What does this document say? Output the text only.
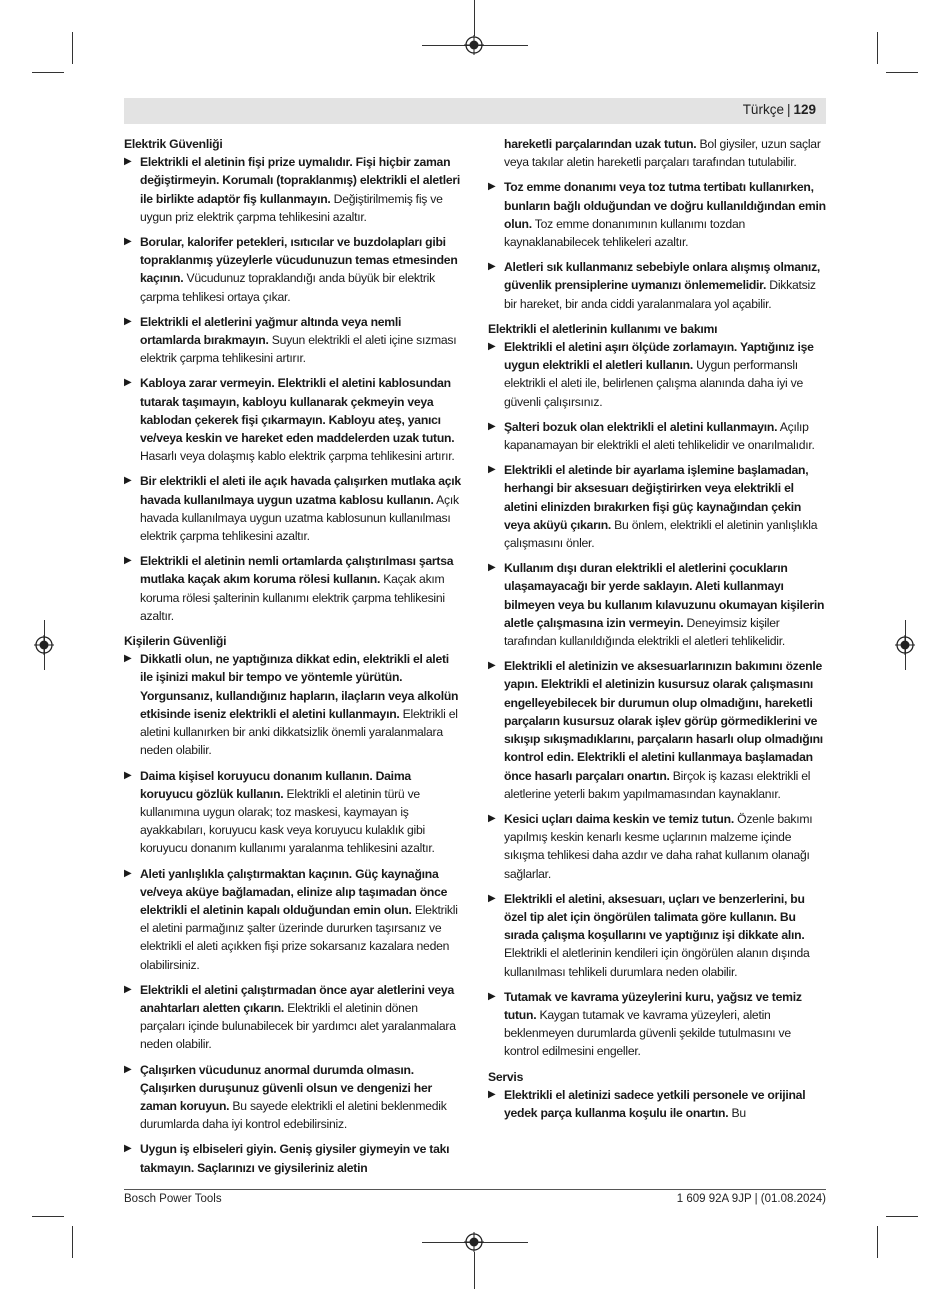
Türkçe | 129

Elektrik Güvenliği

▶ Elektrikli el aletinin fişi prize uymalıdır. Fişi hiçbir zaman değiştirmeyin. Korumalı (topraklanmış) elektrikli el aletleri ile birlikte adaptör fiş kullanmayın. Değiştirilmemiş fiş ve uygun priz elektrik çarpma tehlikesini azaltır.
▶ Borular, kalorifer petekleri, ısıtıcılar ve buzdolapları gibi topraklanmış yüzeylerle vücudunuzun temas etmesinden kaçının. Vücudunuz topraklandığı anda büyük bir elektrik çarpma tehlikesi ortaya çıkar.
▶ Elektrikli el aletlerini yağmur altında veya nemli ortamlarda bırakmayın. Suyun elektrikli el aleti içine sızması elektrik çarpma tehlikesini artırır.
▶ Kabloya zarar vermeyin. Elektrikli el aletini kablosundan tutarak taşımayın, kabloyu kullanarak çekmeyin veya kablodan çekerek fişi çıkarmayın. Kabloyu ateş, yanıcı ve/veya keskin ve hareket eden maddelerden uzak tutun. Hasarlı veya dolaşmış kablo elektrik çarpma tehlikesini artırır.
▶ Bir elektrikli el aleti ile açık havada çalışırken mutlaka açık havada kullanılmaya uygun uzatma kablosu kullanın. Açık havada kullanılmaya uygun uzatma kablosunun kullanılması elektrik çarpma tehlikesini azaltır.
▶ Elektrikli el aletinin nemli ortamlarda çalıştırılması şartsa mutlaka kaçak akım koruma rölesi kullanın. Kaçak akım koruma rölesi şalterinin kullanımı elektrik çarpma tehlikesini azaltır.

Kişilerin Güvenliği

▶ Dikkatli olun, ne yaptığınıza dikkat edin, elektrikli el aleti ile işinizi makul bir tempo ve yöntemle yürütün. Yorgunsanız, kullandığınız hapların, ilaçların veya alkolün etkisinde iseniz elektrikli el aletini kullanmayın. Elektrikli el aletini kullanırken bir anki dikkatsizlik önemli yaralanmalara neden olabilir.
▶ Daima kişisel koruyucu donanım kullanın. Daima koruyucu gözlük kullanın. Elektrikli el aletinin türü ve kullanımına uygun olarak; toz maskesi, kaymayan iş ayakkabıları, koruyucu kask veya koruyucu kulaklık gibi koruyucu donanım kullanımı yaralanma tehlikesini azaltır.
▶ Aleti yanlışlıkla çalıştırmaktan kaçının. Güç kaynağına ve/veya aküye bağlamadan, elinize alıp taşımadan önce elektrikli el aletinin kapalı olduğundan emin olun. Elektrikli el aletini parmağınız şalter üzerinde dururken taşırsanız ve elektrikli el aleti açıkken fişi prize sokarsanız kazalara neden olabilirsiniz.
▶ Elektrikli el aletini çalıştırmadan önce ayar aletlerini veya anahtarları aletten çıkarın. Elektrikli el aletinin dönen parçaları içinde bulunabilecek bir yardımcı alet yaralanmalara neden olabilir.
▶ Çalışırken vücudunuz anormal durumda olmasın. Çalışırken duruşunuz güvenli olsun ve dengenizi her zaman koruyun. Bu sayede elektrikli el aletini beklenmedik durumlarda daha iyi kontrol edebilirsiniz.
▶ Uygun iş elbiseleri giyin. Geniş giysiler giymeyin ve takı takmayın. Saçlarınızı ve giysileriniz aletin

hareketli parçalarından uzak tutun. Bol giysiler, uzun saçlar veya takılar aletin hareketli parçaları tarafından tutulabilir.

▶ Toz emme donanımı veya toz tutma tertibatı kullanırken, bunların bağlı olduğundan ve doğru kullanıldığından emin olun. Toz emme donanımının kullanımı tozdan kaynaklanabilecek tehlikeleri azaltır.
▶ Aletleri sık kullanmanız sebebiyle onlara alışmış olmanız, güvenlik prensiplerine uymanızı önlememelidir. Dikkatsiz bir hareket, bir anda ciddi yaralanmalara yol açabilir.

Elektrikli el aletlerinin kullanımı ve bakımı

▶ Elektrikli el aletini aşırı ölçüde zorlamayın. Yaptığınız işe uygun elektrikli el aletleri kullanın. Uygun performanslı elektrikli el aleti ile, belirlenen çalışma alanında daha iyi ve güvenli çalışırsınız.
▶ Şalteri bozuk olan elektrikli el aletini kullanmayın. Açılıp kapanamayan bir elektrikli el aleti tehlikelidir ve onarılmalıdır.
▶ Elektrikli el aletinde bir ayarlama işlemine başlamadan, herhangi bir aksesuarı değiştirirken veya elektrikli el aletini elinizden bırakırken fişi güç kaynağından çekin veya aküyü çıkarın. Bu önlem, elektrikli el aletinin yanlışlıkla çalışmasını önler.
▶ Kullanım dışı duran elektrikli el aletlerini çocukların ulaşamayacağı bir yerde saklayın. Aleti kullanmayı bilmeyen veya bu kullanım kılavuzunu okumayan kişilerin aletle çalışmasına izin vermeyin. Deneyimsiz kişiler tarafından kullanıldığında elektrikli el aletleri tehlikelidir.
▶ Elektrikli el aletinizin ve aksesuarlarınızın bakımını özenle yapın. Elektrikli el aletinizin kusursuz olarak çalışmasını engelleyebilecek bir durumun olup olmadığını, hareketli parçaların kusursuz olarak işlev görüp görmediklerini ve sıkışıp sıkışmadıklarını, parçaların hasarlı olup olmadığını kontrol edin. Elektrikli el aletini kullanmaya başlamadan önce hasarlı parçaları onartın. Birçok iş kazası elektrikli el aletlerine yeterli bakım yapılmamasından kaynaklanır.
▶ Kesici uçları daima keskin ve temiz tutun. Özenle bakımı yapılmış keskin kenarlı kesme uçlarının malzeme içinde sıkışma tehlikesi daha azdır ve daha rahat kullanım olanağı sağlarlar.
▶ Elektrikli el aletini, aksesuarı, uçları ve benzerlerini, bu özel tip alet için öngörülen talimata göre kullanın. Bu sırada çalışma koşullarını ve yaptığınız işi dikkate alın. Elektrikli el aletlerinin kendileri için öngörülen alanın dışında kullanılması tehlikeli durumlara neden olabilir.
▶ Tutamak ve kavrama yüzeylerini kuru, yağsız ve temiz tutun. Kaygan tutamak ve kavrama yüzeyleri, aletin beklenmeyen durumlarda güvenli şekilde tutulmasını ve kontrol edilmesini engeller.

Servis

▶ Elektrikli el aletinizi sadece yetkili personele ve orijinal yedek parça kullanma koşulu ile onartın. Bu
Bosch Power Tools	1 609 92A 9JP | (01.08.2024)
